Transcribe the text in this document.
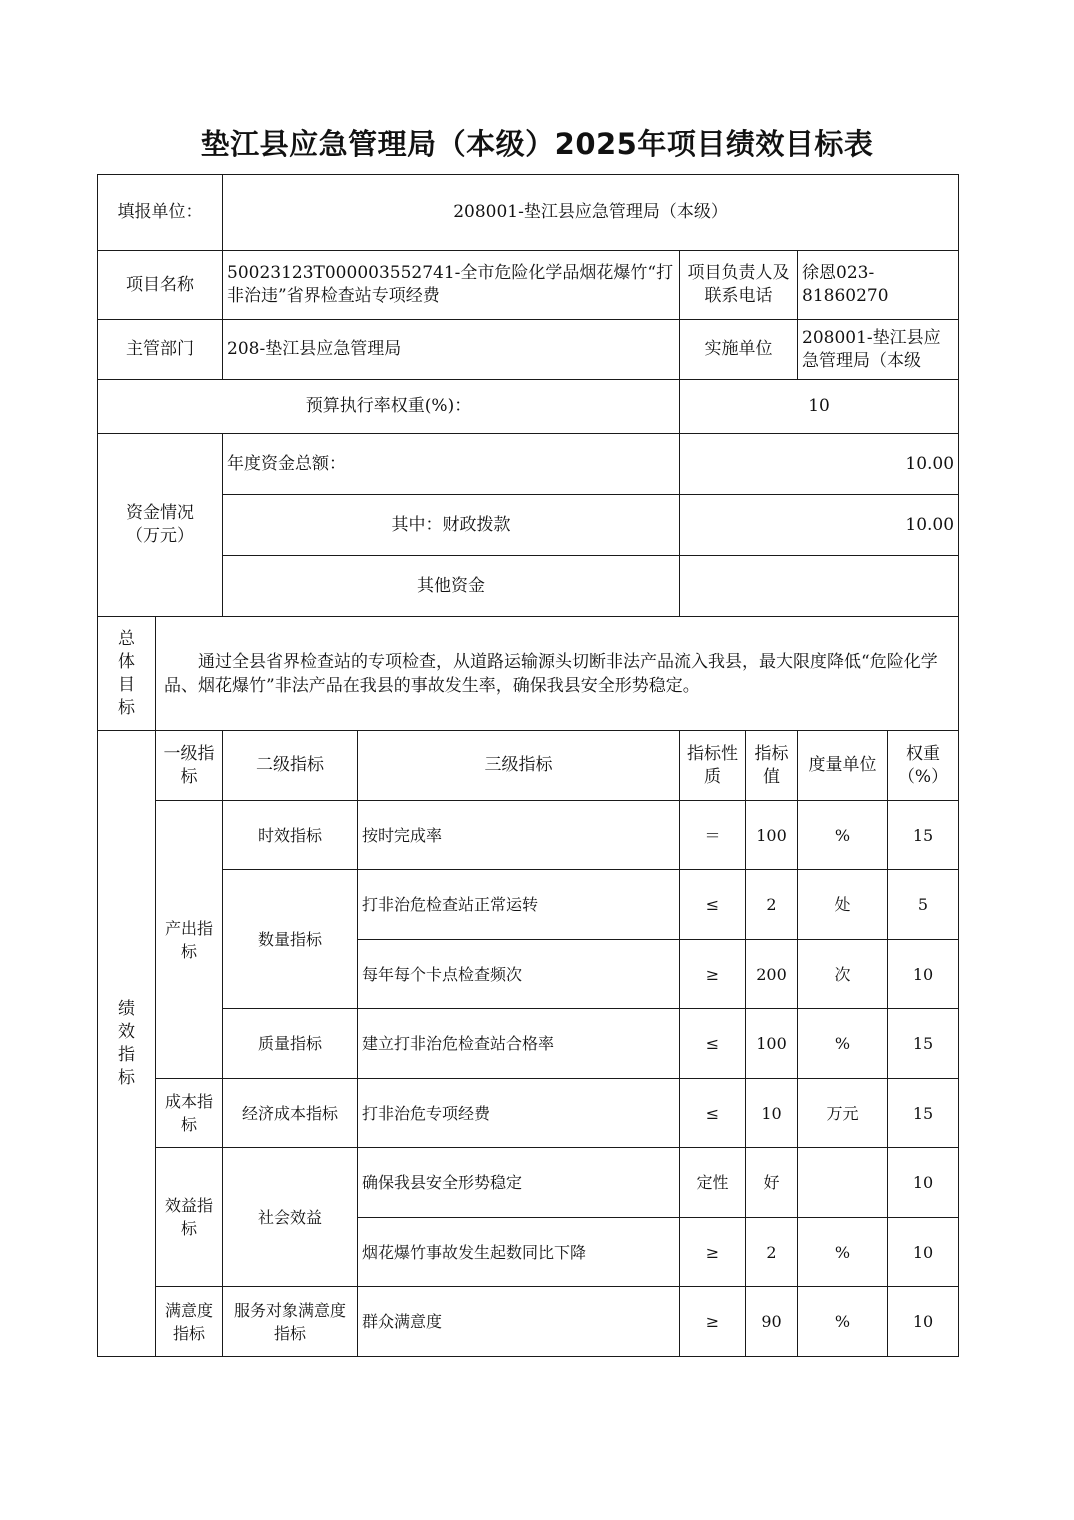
垫江县应急管理局（本级）2025年项目绩效目标表
填报单位：		208001-垫江县应急管理局（本级）					
项目名称		50023123T000003552741-全市危险化学品烟花爆竹“打非治违”省界检查站专项经费		项目负责人及联系电话		徐恩023-81860270	
主管部门		208-垫江县应急管理局		实施单位		208001-垫江县应急管理局（本级	
预算执行率权重(%)：				10			
资金情况（万元）		年度资金总额：		10.00			
		其中：财政拨款		10.00			
		其他资金					
总体目标	通过全县省界检查站的专项检查，从道路运输源头切断非法产品流入我县，最大限度降低“危险化学品、烟花爆竹”非法产品在我县的事故发生率，确保我县安全形势稳定。						
绩效指标	一级指标	二级指标	三级指标	指标性质	指标值	度量单位	权重（%）
	产出指标	时效指标	按时完成率	＝	100	%	15
		数量指标	打非治危检查站正常运转	≤	2	处	5
			每年每个卡点检查频次	≥	200	次	10
		质量指标	建立打非治危检查站合格率	≤	100	%	15
	成本指标	经济成本指标	打非治危专项经费	≤	10	万元	15
	效益指标	社会效益	确保我县安全形势稳定	定性	好		10
			烟花爆竹事故发生起数同比下降	≥	2	%	10
	满意度指标	服务对象满意度指标	群众满意度	≥	90	%	10
